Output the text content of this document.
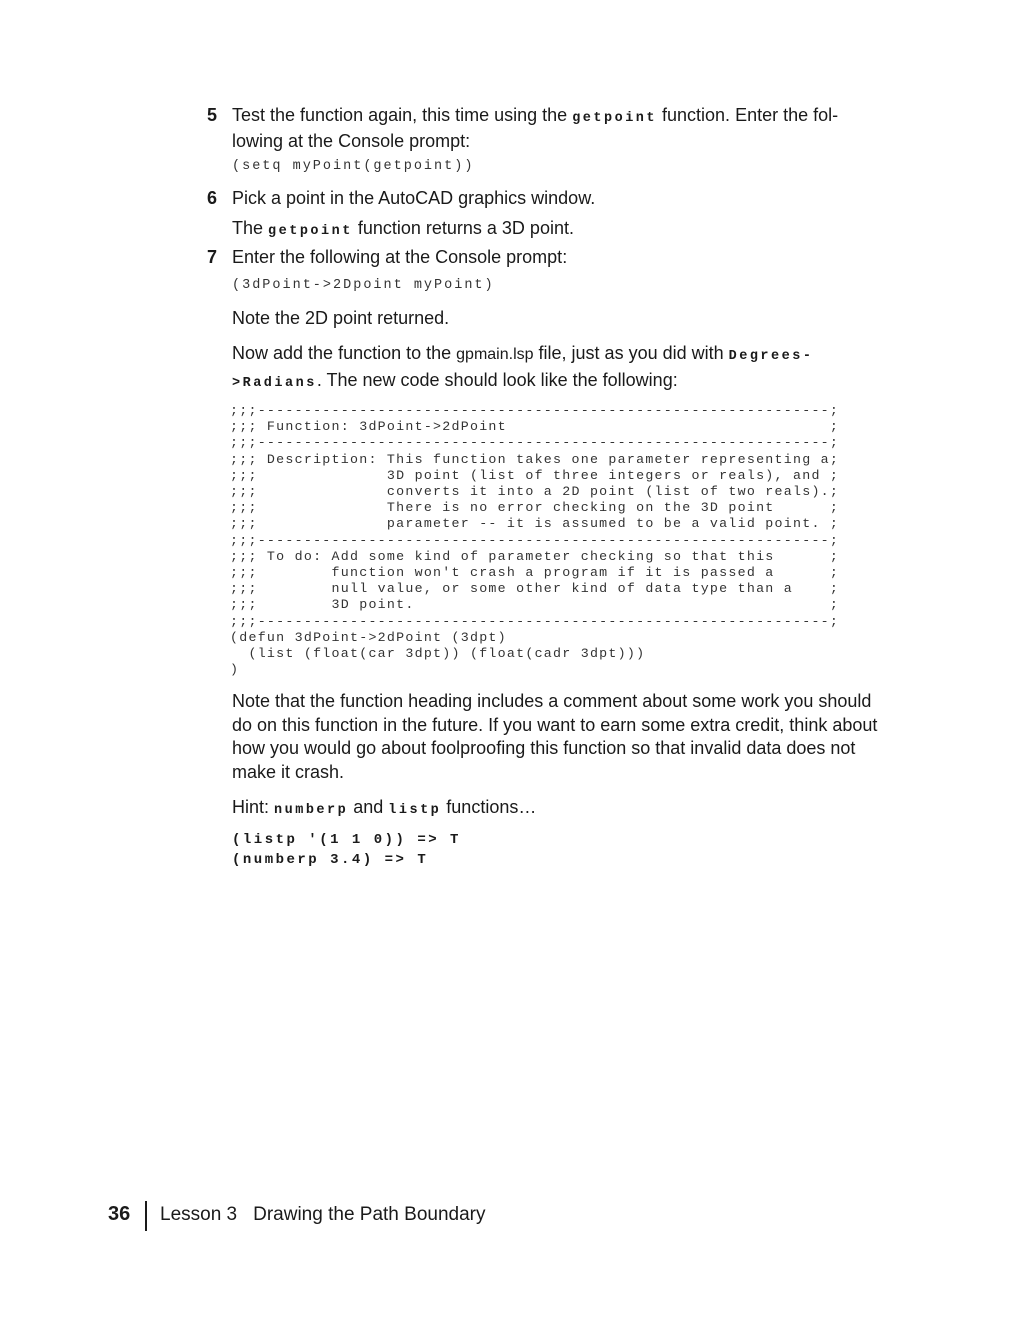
5 Test the function again, this time using the getpoint function. Enter the fol-lowing at the Console prompt:
(setq myPoint(getpoint))
6 Pick a point in the AutoCAD graphics window.
The getpoint function returns a 3D point.
7 Enter the following at the Console prompt:
(3dPoint->2Dpoint myPoint)
Note the 2D point returned.
Now add the function to the gpmain.lsp file, just as you did with Degrees->Radians. The new code should look like the following:
;;;--------------------------------------------------------------;
;;; Function: 3dPoint->2dPoint                                   ;
;;;--------------------------------------------------------------;
;;; Description: This function takes one parameter representing a;
;;;              3D point (list of three integers or reals), and ;
;;;              converts it into a 2D point (list of two reals).;
;;;              There is no error checking on the 3D point      ;
;;;              parameter -- it is assumed to be a valid point. ;
;;;--------------------------------------------------------------;
;;; To do: Add some kind of parameter checking so that this      ;
;;;        function won't crash a program if it is passed a      ;
;;;        null value, or some other kind of data type than a    ;
;;;        3D point.                                             ;
;;;--------------------------------------------------------------;
(defun 3dPoint->2dPoint (3dpt)
(list (float(car 3dpt)) (float(cadr 3dpt)))
)
Note that the function heading includes a comment about some work you should do on this function in the future. If you want to earn some extra credit, think about how you would go about foolproofing this function so that invalid data does not make it crash.
Hint: numberp and listp functions…
(listp '(1 1 0)) => T
(numberp 3.4) => T
36 Lesson 3 Drawing the Path Boundary
